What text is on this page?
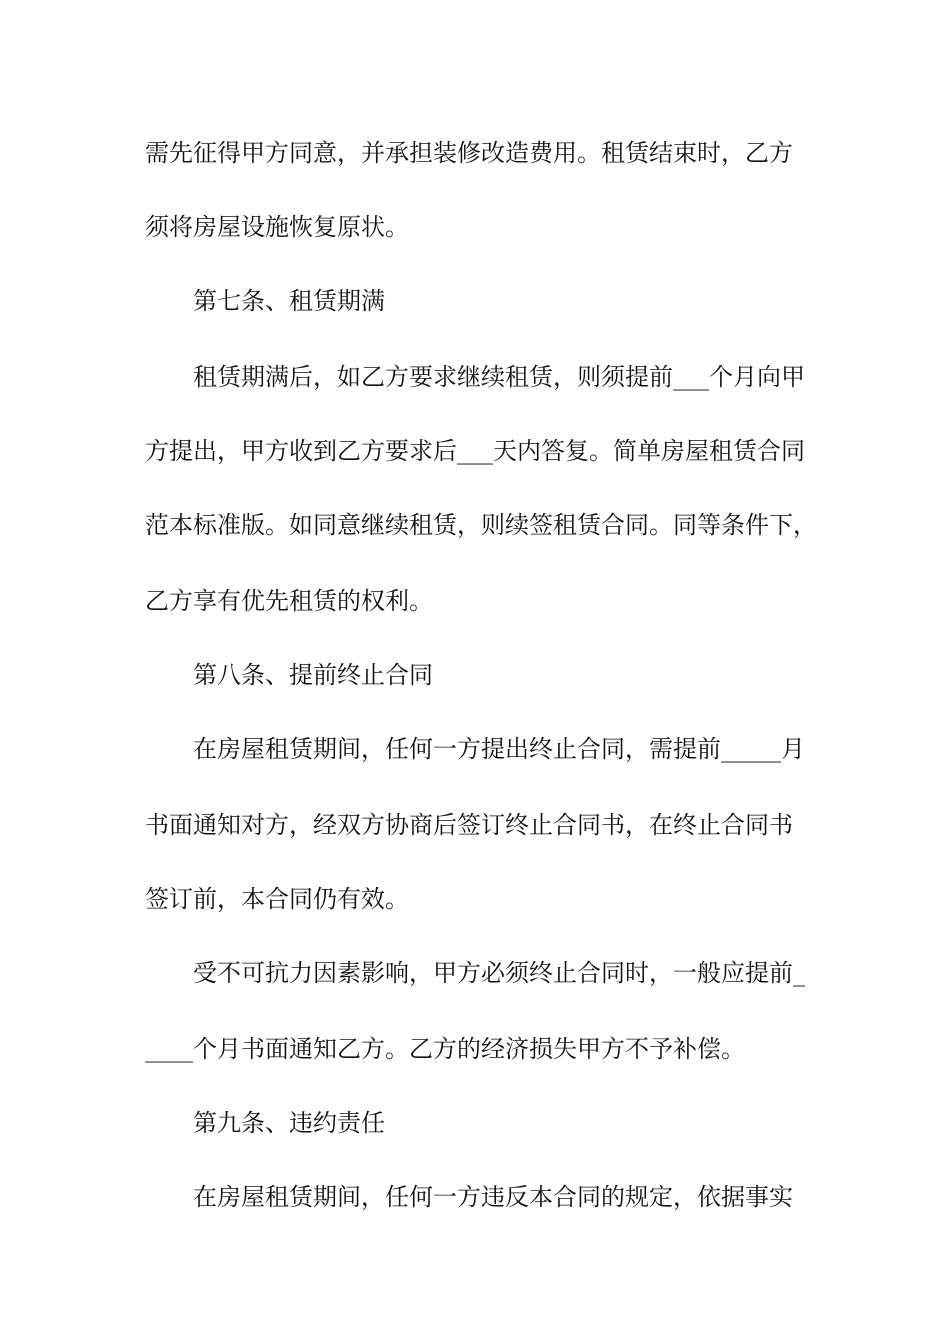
需先征得甲方同意，并承担装修改造费用。租赁结束时，乙方
须将房屋设施恢复原状。
第七条、租赁期满
租赁期满后，如乙方要求继续租赁，则须提前___个月向甲
方提出，甲方收到乙方要求后___天内答复。简单房屋租赁合同
范本标准版。如同意继续租赁，则续签租赁合同。同等条件下，
乙方享有优先租赁的权利。
第八条、提前终止合同
在房屋租赁期间，任何一方提出终止合同，需提前_____月
书面通知对方，经双方协商后签订终止合同书，在终止合同书
签订前，本合同仍有效。
受不可抗力因素影响，甲方必须终止合同时，一般应提前_
____个月书面通知乙方。乙方的经济损失甲方不予补偿。
第九条、违约责任
在房屋租赁期间，任何一方违反本合同的规定，依据事实
